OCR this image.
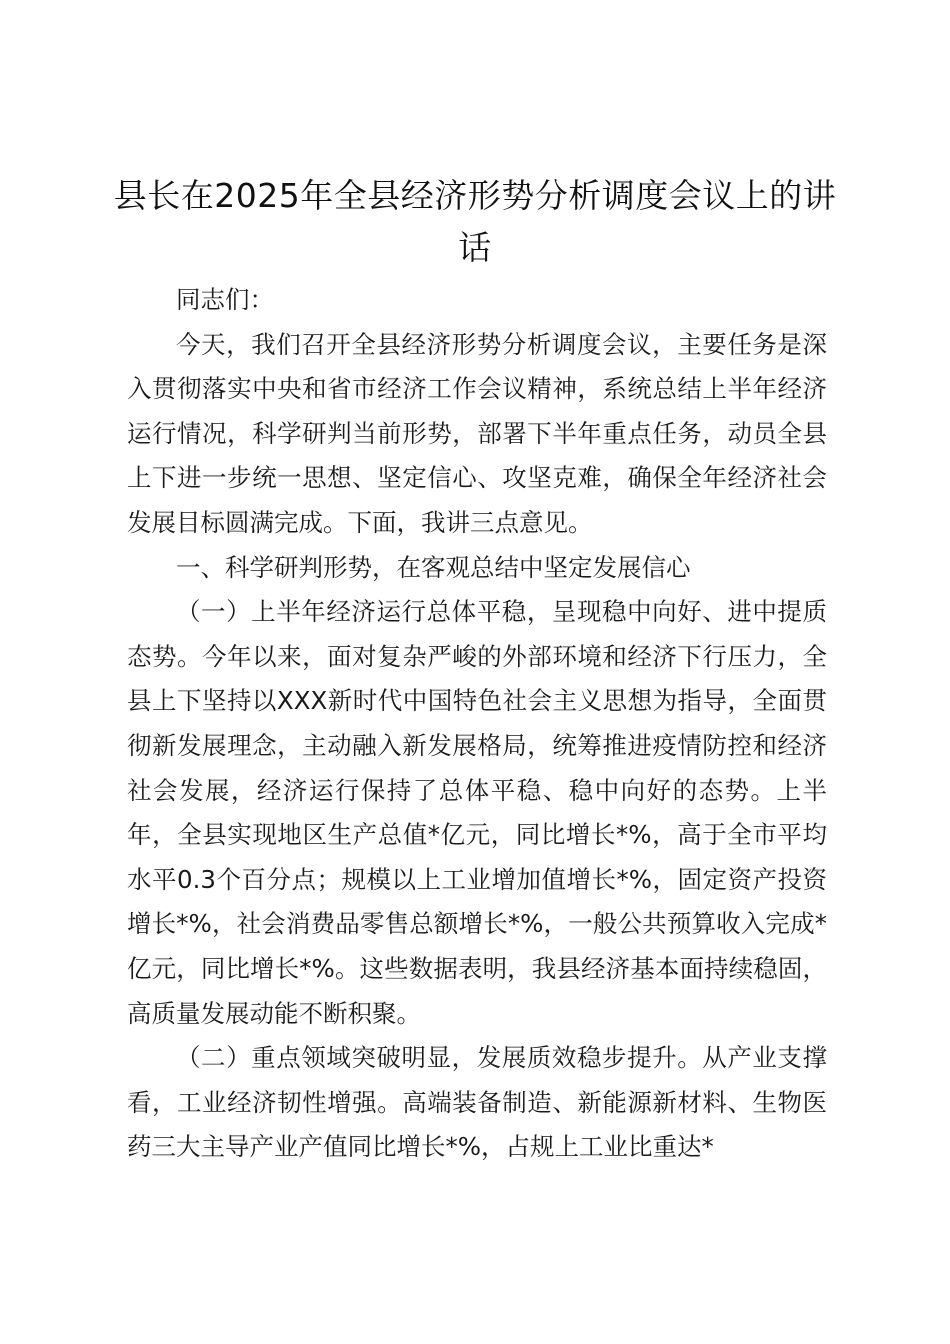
县长在2025年全县经济形势分析调度会议上的讲话

同志们：

今天，我们召开全县经济形势分析调度会议，主要任务是深入贯彻落实中央和省市经济工作会议精神，系统总结上半年经济运行情况，科学研判当前形势，部署下半年重点任务，动员全县上下进一步统一思想、坚定信心、攻坚克难，确保全年经济社会发展目标圆满完成。下面，我讲三点意见。

一、科学研判形势，在客观总结中坚定发展信心

（一）上半年经济运行总体平稳，呈现稳中向好、进中提质态势。今年以来，面对复杂严峻的外部环境和经济下行压力，全县上下坚持以XXX新时代中国特色社会主义思想为指导，全面贯彻新发展理念，主动融入新发展格局，统筹推进疫情防控和经济社会发展，经济运行保持了总体平稳、稳中向好的态势。上半年，全县实现地区生产总值*亿元，同比增长*%，高于全市平均水平0.3个百分点；规模以上工业增加值增长*%，固定资产投资增长*%，社会消费品零售总额增长*%，一般公共预算收入完成*亿元，同比增长*%。这些数据表明，我县经济基本面持续稳固，高质量发展动能不断积聚。

（二）重点领域突破明显，发展质效稳步提升。从产业支撑看，工业经济韧性增强。高端装备制造、新能源新材料、生物医药三大主导产业产值同比增长*%，占规上工业比重达*
